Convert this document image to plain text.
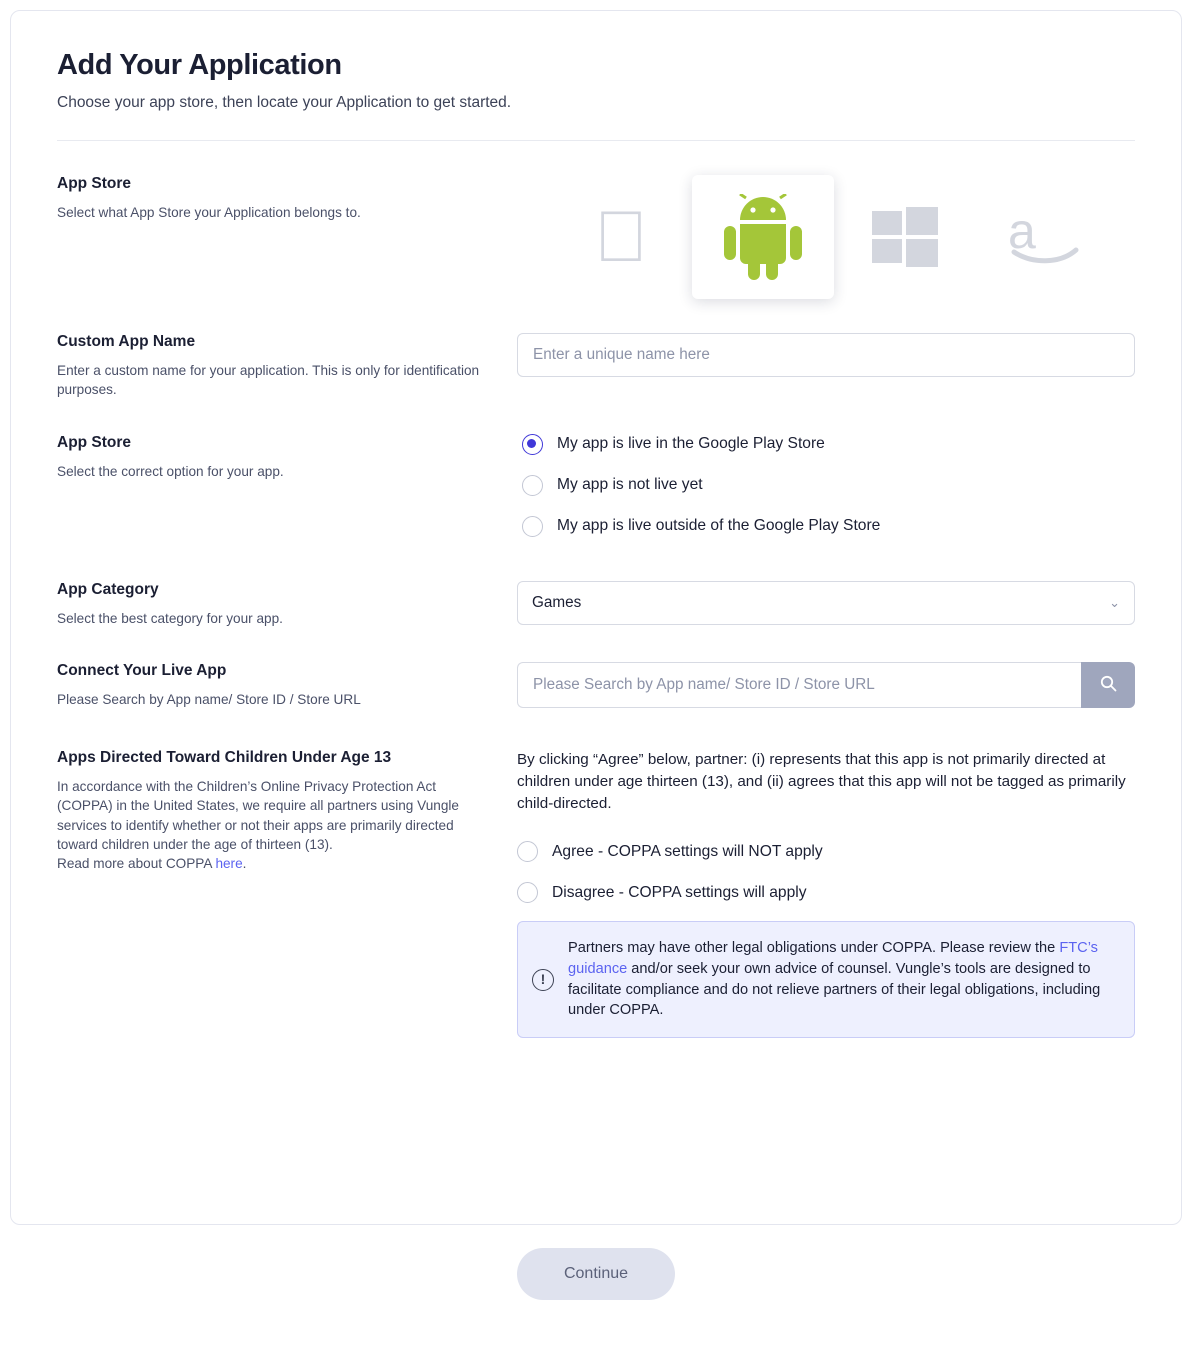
Add Your Application
Choose your app store, then locate your Application to get started.
App Store
Select what App Store your Application belongs to.	a
Custom App Name
Enter a custom name for your application. This is only for identification purposes.
Enter a unique name here
App Store
Select the correct option for your app.
My app is live in the Google Play Store
My app is not live yet
My app is live outside of the Google Play Store
App Category
Select the best category for your app.
Games	⌄
Connect Your Live App
Please Search by App name/ Store ID / Store URL
Please Search by App name/ Store ID / Store URL
Apps Directed Toward Children Under Age 13
In accordance with the Children’s Online Privacy Protection Act (COPPA) in the United States, we require all partners using Vungle services to identify whether or not their apps are primarily directed toward children under the age of thirteen (13).
Read more about COPPA here.

By clicking “Agree” below, partner: (i) represents that this app is not primarily directed at children under age thirteen (13), and (ii) agrees that this app will not be tagged as primarily child-directed.

Agree - COPPA settings will NOT apply
Disagree - COPPA settings will apply
!
Partners may have other legal obligations under COPPA. Please review the FTC’s guidance and/or seek your own advice of counsel. Vungle’s tools are designed to facilitate compliance and do not relieve partners of their legal obligations, including under COPPA.
Continue
